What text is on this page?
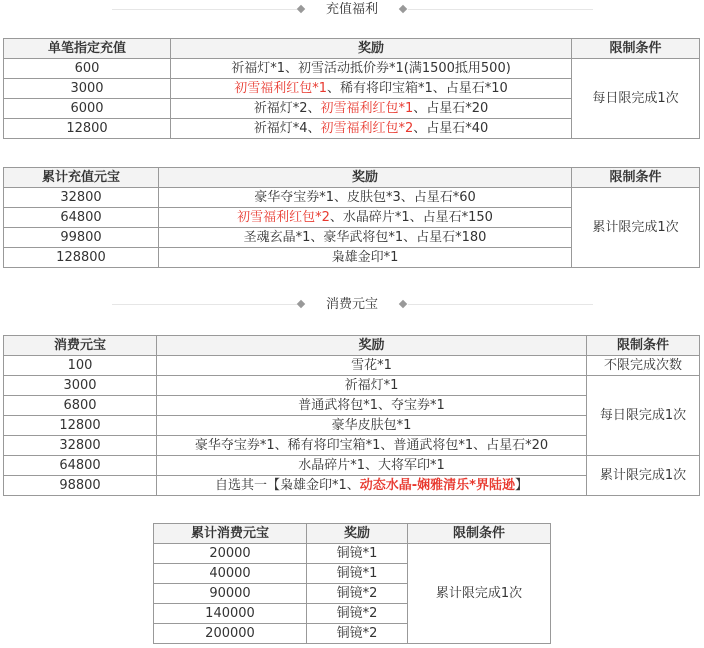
充值福利
单笔指定充值	奖励	限制条件
600	祈福灯*1、初雪活动抵价券*1(满1500抵用500)	每日限完成1次
3000	初雪福利红包*1、稀有将印宝箱*1、占星石*10	
6000	祈福灯*2、初雪福利红包*1、占星石*20	
12800	祈福灯*4、初雪福利红包*2、占星石*40	
累计充值元宝	奖励	限制条件
32800	豪华夺宝券*1、皮肤包*3、占星石*60	累计限完成1次
64800	初雪福利红包*2、水晶碎片*1、占星石*150	
99800	圣魂玄晶*1、豪华武将包*1、占星石*180	
128800	枭雄金印*1	
消费元宝
消费元宝	奖励	限制条件
100	雪花*1	不限完成次数
3000	祈福灯*1	每日限完成1次
6800	普通武将包*1、夺宝券*1	
12800	豪华皮肤包*1	
32800	豪华夺宝券*1、稀有将印宝箱*1、普通武将包*1、占星石*20	
64800	水晶碎片*1、大将军印*1	累计限完成1次
98800	自选其一【枭雄金印*1、动态水晶-娴雅清乐*界陆逊】	
累计消费元宝	奖励	限制条件
20000	铜镜*1	累计限完成1次
40000	铜镜*1	
90000	铜镜*2	
140000	铜镜*2	
200000	铜镜*2	
